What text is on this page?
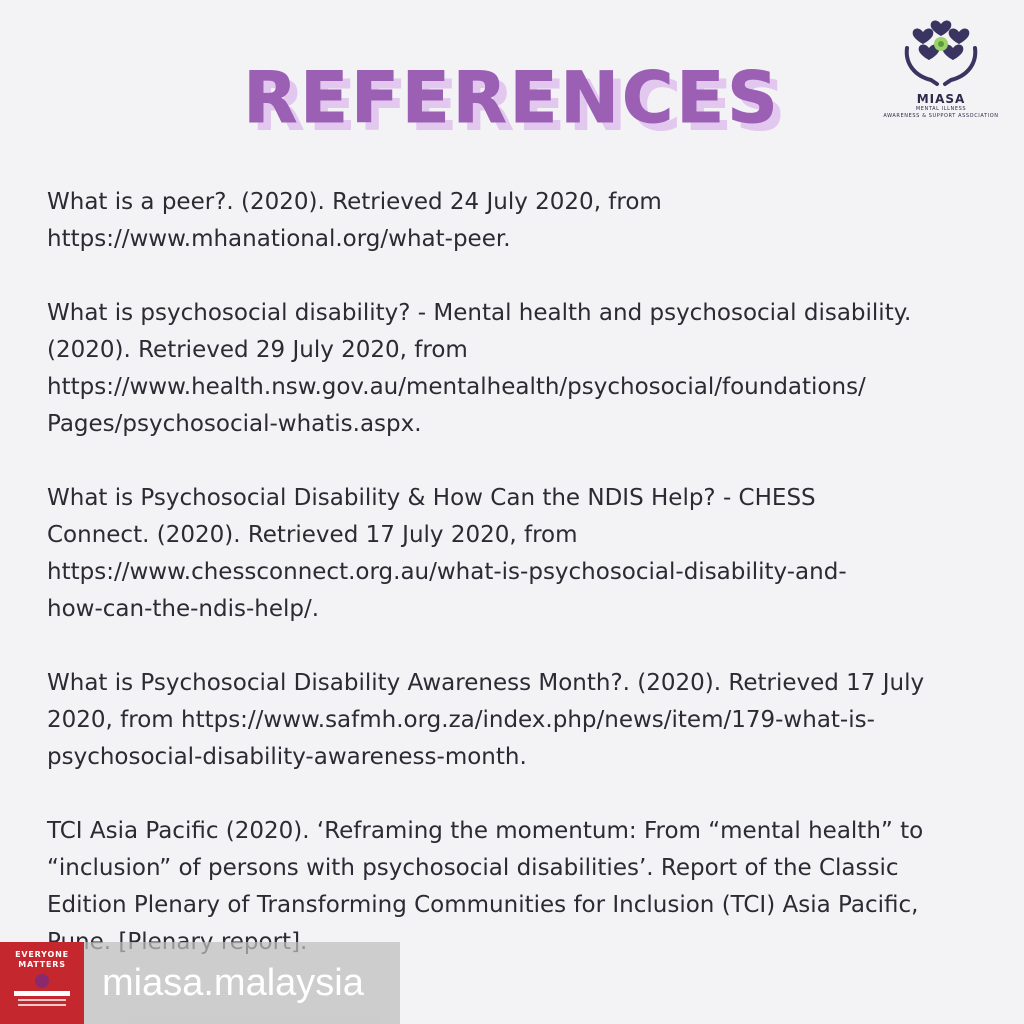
REFERENCES	MIASA
MENTAL ILLNESS
AWARENESS & SUPPORT ASSOCIATION
What is a peer?. (2020). Retrieved 24 July 2020, from
https://www.mhanational.org/what-peer.
What is psychosocial disability? - Mental health and psychosocial disability.
(2020). Retrieved 29 July 2020, from
https://www.health.nsw.gov.au/mentalhealth/psychosocial/foundations/
Pages/psychosocial-whatis.aspx.
What is Psychosocial Disability & How Can the NDIS Help? - CHESS
Connect. (2020). Retrieved 17 July 2020, from
https://www.chessconnect.org.au/what-is-psychosocial-disability-and-
how-can-the-ndis-help/.
What is Psychosocial Disability Awareness Month?. (2020). Retrieved 17 July
2020, from https://www.safmh.org.za/index.php/news/item/179-what-is-
psychosocial-disability-awareness-month.
TCI Asia Pacific (2020). ‘Reframing the momentum: From “mental health” to
“inclusion” of persons with psychosocial disabilities’. Report of the Classic
Edition Plenary of Transforming Communities for Inclusion (TCI) Asia Pacific,
EVERYONE
MATTERS miasa.malaysia
